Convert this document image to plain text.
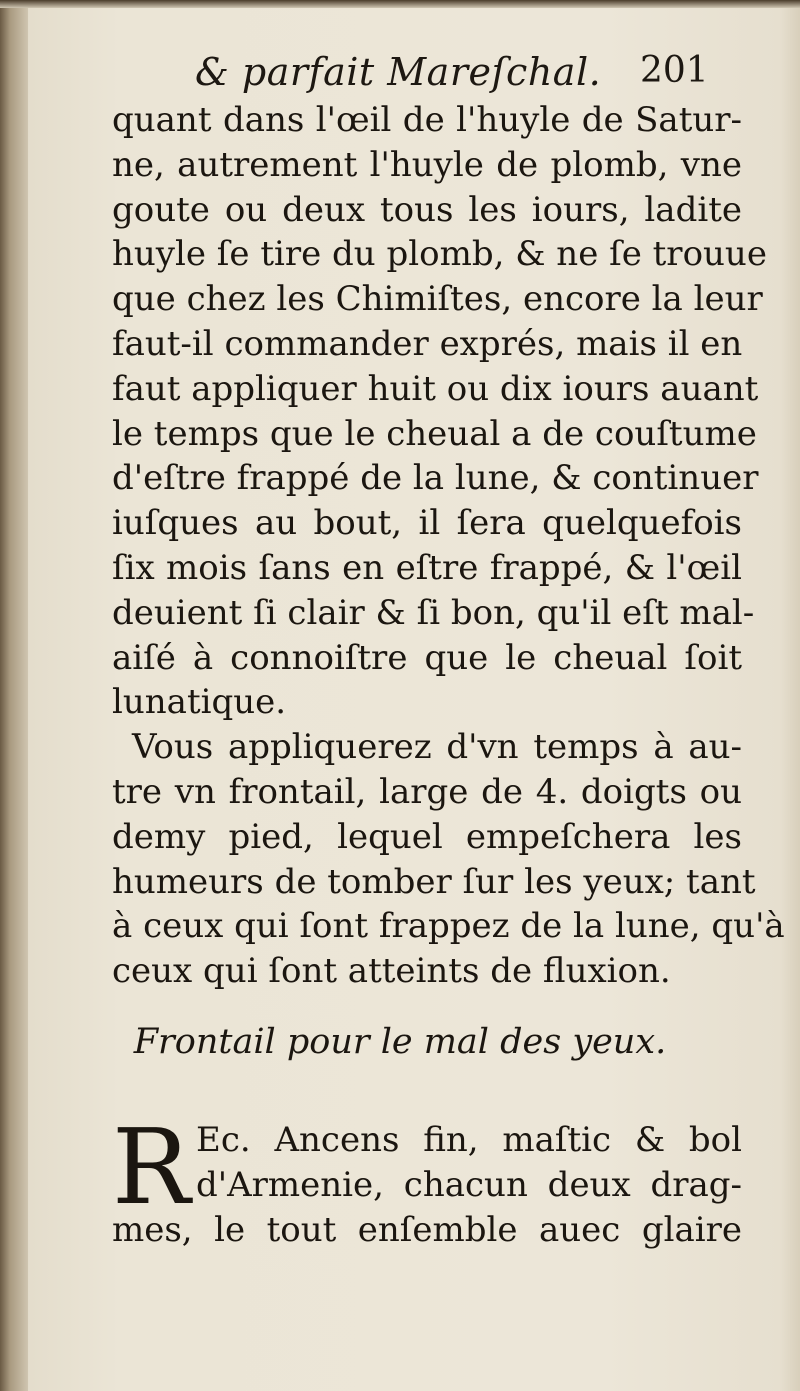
& parfait Mareſchal. 201
quant dans l'œil de l'huyle de Satur-
ne, autrement l'huyle de plomb, vne
goute ou deux tous les iours, ladite
huyle ſe tire du plomb, & ne ſe trouue
que chez les Chimiſtes, encore la leur
faut-il commander exprés, mais il en
faut appliquer huit ou dix iours auant
le temps que le cheual a de couſtume
d'eſtre frappé de la lune, & continuer
iuſques au bout, il ſera quelquefois
ſix mois ſans en eſtre frappé, & l'œil
deuient ſi clair & ſi bon, qu'il eſt mal-
aiſé à connoiſtre que le cheual ſoit
lunatique.
Vous appliquerez d'vn temps à au-
tre vn frontail, large de 4. doigts ou
demy pied, lequel empeſchera les
humeurs de tomber ſur les yeux; tant
à ceux qui ſont frappez de la lune, qu'à
ceux qui ſont atteints de fluxion.
Frontail pour le mal des yeux.
R Ec. Ancens fin, maſtic & bol
d'Armenie, chacun deux drag-
mes, le tout enſemble auec glaire
